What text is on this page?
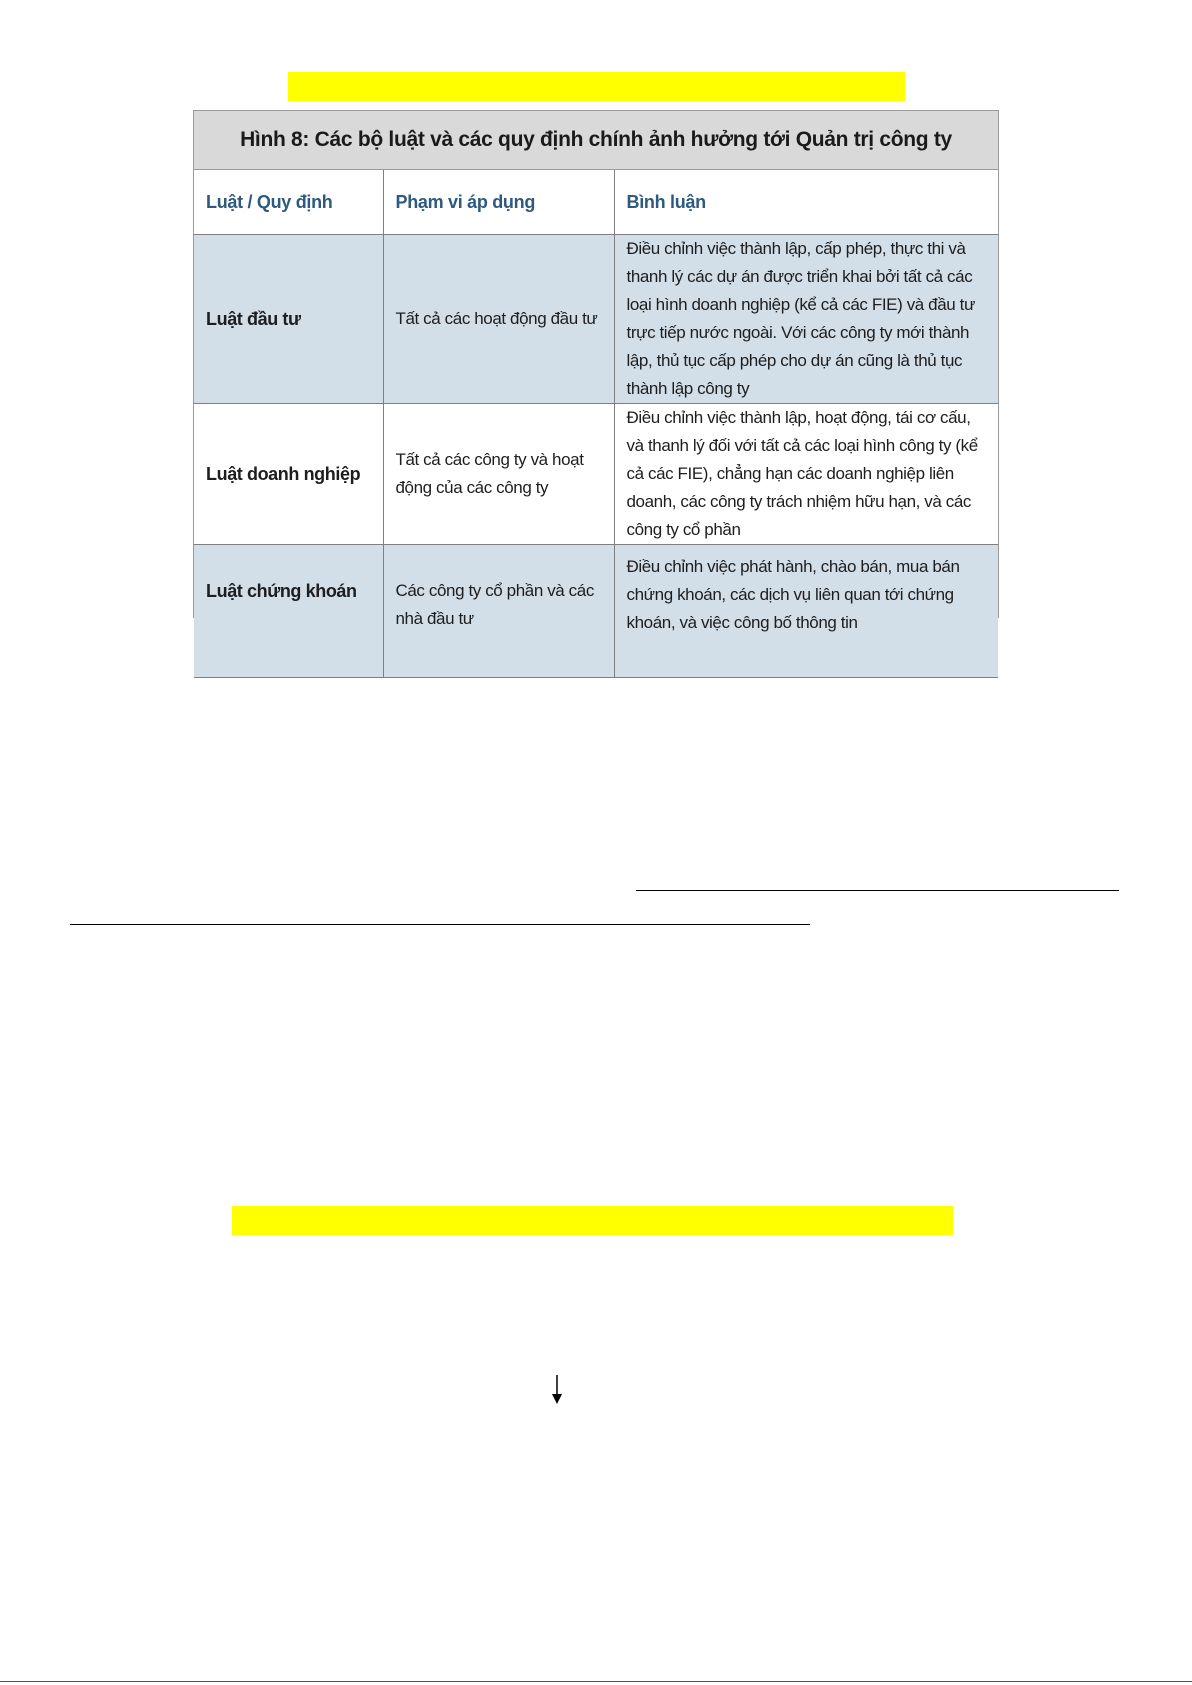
Hình 8: Các bộ luật và các quy định chính ảnh hưởng tới Quản trị công ty
Luật / Quy định	Phạm vi áp dụng	Bình luận
Luật đầu tư	Tất cả các hoạt động đầu tư	Điều chỉnh việc thành lập, cấp phép, thực thi và thanh lý các dự án được triển khai bởi tất cả các loại hình doanh nghiệp (kể cả các FIE) và đầu tư trực tiếp nước ngoài. Với các công ty mới thành lập, thủ tục cấp phép cho dự án cũng là thủ tục thành lập công ty
Luật doanh nghiệp	Tất cả các công ty và hoạt động của các công ty	Điều chỉnh việc thành lập, hoạt động, tái cơ cấu, và thanh lý đối với tất cả các loại hình công ty (kể cả các FIE), chẳng hạn các doanh nghiệp liên doanh, các công ty trách nhiệm hữu hạn, và các công ty cổ phần
Luật chứng khoán	Các công ty cổ phần và các nhà đầu tư	Điều chỉnh việc phát hành, chào bán, mua bán chứng khoán, các dịch vụ liên quan tới chứng khoán, và việc công bố thông tin
